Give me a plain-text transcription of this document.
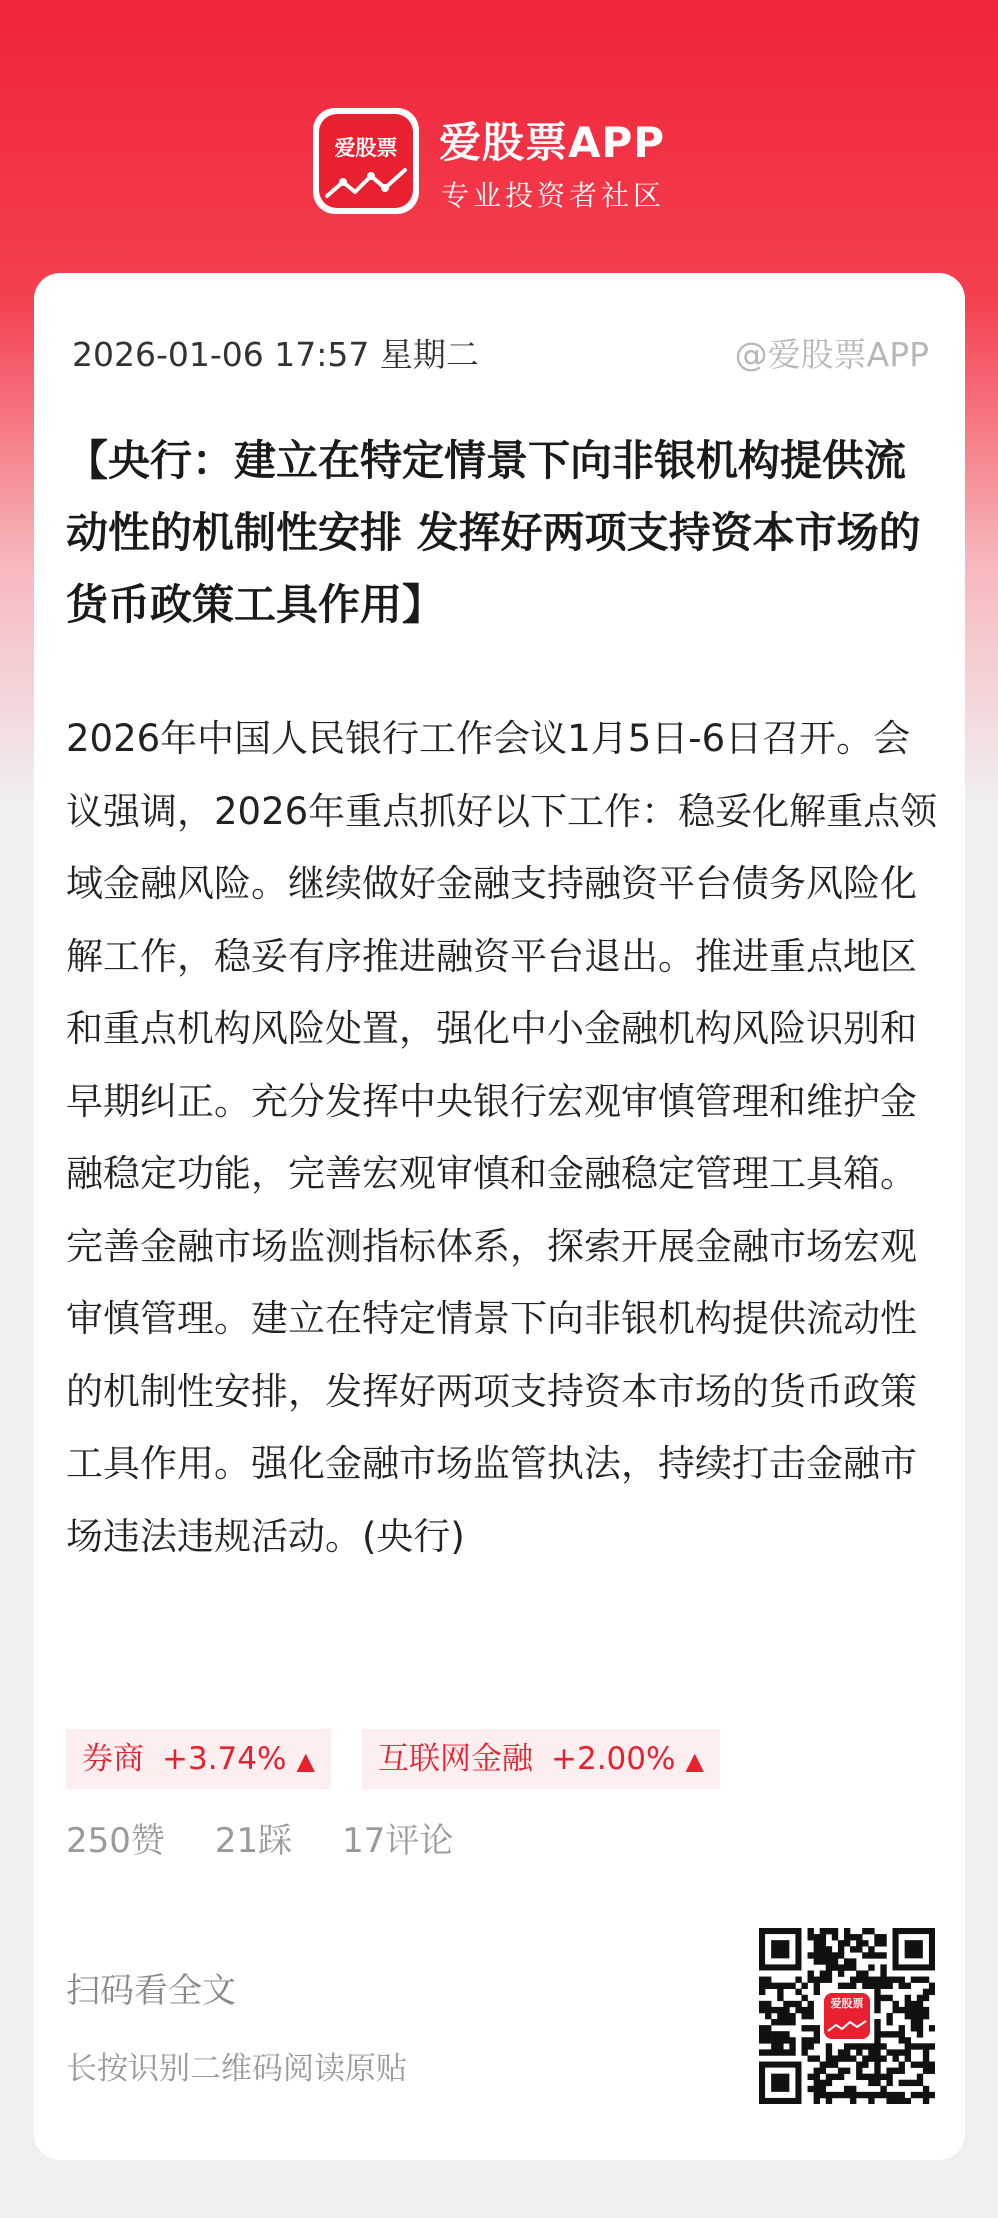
爱股票 爱股票APP
专业投资者社区
2026-01-06 17:57 星期二	@爱股票APP
【央行：建立在特定情景下向非银机构提供流动性的机制性安排 发挥好两项支持资本市场的货币政策工具作用】

2026年中国人民银行工作会议1月5日-6日召开。会议强调，2026年重点抓好以下工作：稳妥化解重点领域金融风险。继续做好金融支持融资平台债务风险化解工作，稳妥有序推进融资平台退出。推进重点地区和重点机构风险处置，强化中小金融机构风险识别和早期纠正。充分发挥中央银行宏观审慎管理和维护金融稳定功能，完善宏观审慎和金融稳定管理工具箱。完善金融市场监测指标体系，探索开展金融市场宏观审慎管理。建立在特定情景下向非银机构提供流动性的机制性安排，发挥好两项支持资本市场的货币政策工具作用。强化金融市场监管执法，持续打击金融市场违法违规活动。(央行)

券商 +3.74% ▲	互联网金融 +2.00% ▲
250赞 21踩 17评论
扫码看全文
长按识别二维码阅读原贴
爱股票
